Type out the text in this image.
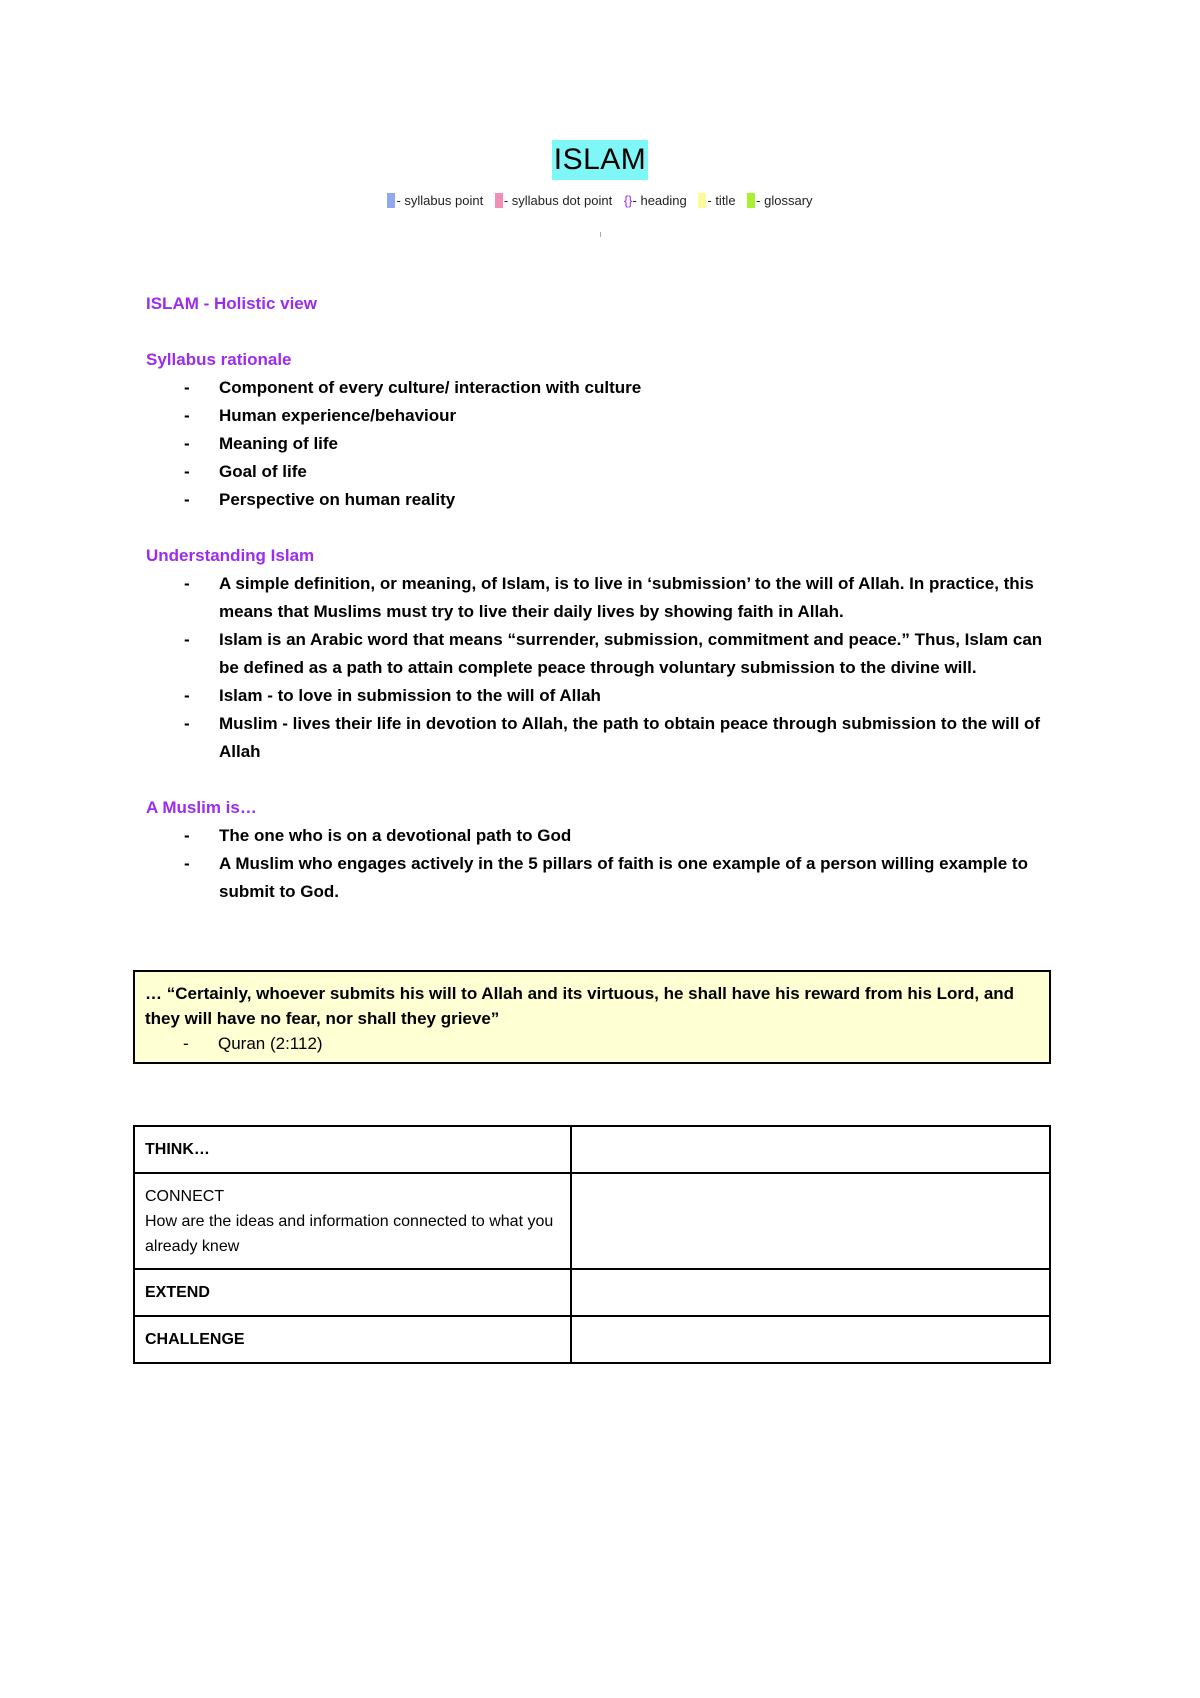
ISLAM
- syllabus point - syllabus dot point {}- heading - title - glossary

ISLAM - Holistic view

Syllabus rationale

- Component of every culture/ interaction with culture
- Human experience/behaviour
- Meaning of life
- Goal of life
- Perspective on human reality

Understanding Islam

- A simple definition, or meaning, of Islam, is to live in ‘submission’ to the will of Allah. In practice, this means that Muslims must try to live their daily lives by showing faith in Allah.
- Islam is an Arabic word that means “surrender, submission, commitment and peace.” Thus, Islam can be defined as a path to attain complete peace through voluntary submission to the divine will.
- Islam - to love in submission to the will of Allah
- Muslim - lives their life in devotion to Allah, the path to obtain peace through submission to the will of Allah

A Muslim is…

- The one who is on a devotional path to God
- A Muslim who engages actively in the 5 pillars of faith is one example of a person willing example to submit to God.
… “Certainly, whoever submits his will to Allah and its virtuous, he shall have his reward from his Lord, and they will have no fear, nor shall they grieve”
- Quran (2:112)
THINK…	

CONNECT
How are the ideas and information connected to what you already knew	

EXTEND	
CHALLENGE	
